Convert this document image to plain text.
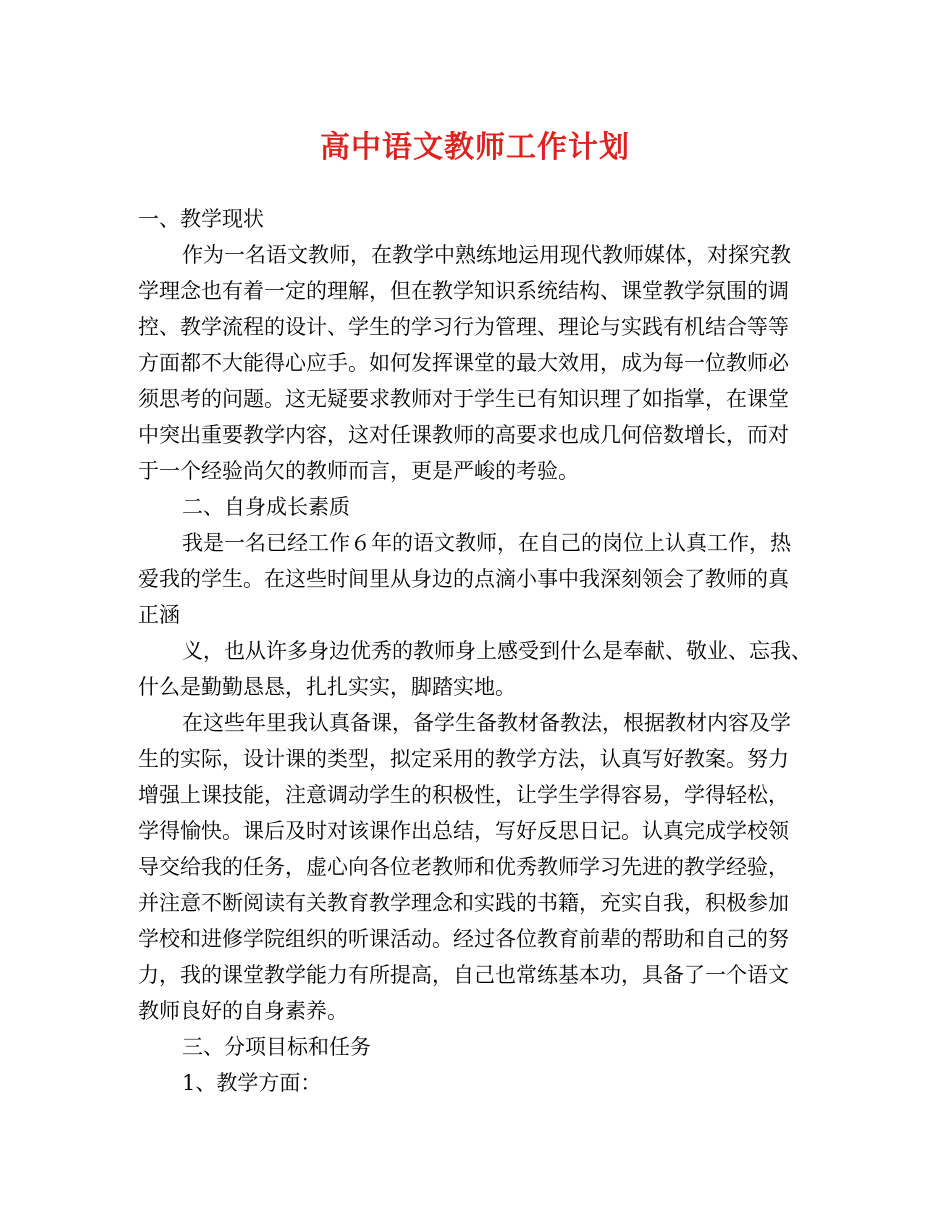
高中语文教师工作计划

一、教学现状

作为一名语文教师，在教学中熟练地运用现代教师媒体，对探究教

学理念也有着一定的理解，但在教学知识系统结构、课堂教学氛围的调

控、教学流程的设计、学生的学习行为管理、理论与实践有机结合等等

方面都不大能得心应手。如何发挥课堂的最大效用，成为每一位教师必

须思考的问题。这无疑要求教师对于学生已有知识理了如指掌，在课堂

中突出重要教学内容，这对任课教师的高要求也成几何倍数增长，而对

于一个经验尚欠的教师而言，更是严峻的考验。

二、自身成长素质

我是一名已经工作６年的语文教师，在自己的岗位上认真工作，热

爱我的学生。在这些时间里从身边的点滴小事中我深刻领会了教师的真

正涵

义，也从许多身边优秀的教师身上感受到什么是奉献、敬业、忘我、

什么是勤勤恳恳，扎扎实实，脚踏实地。

在这些年里我认真备课，备学生备教材备教法，根据教材内容及学

生的实际，设计课的类型，拟定采用的教学方法，认真写好教案。努力

增强上课技能，注意调动学生的积极性，让学生学得容易，学得轻松，

学得愉快。课后及时对该课作出总结，写好反思日记。认真完成学校领

导交给我的任务，虚心向各位老教师和优秀教师学习先进的教学经验，

并注意不断阅读有关教育教学理念和实践的书籍，充实自我，积极参加

学校和进修学院组织的听课活动。经过各位教育前辈的帮助和自己的努

力，我的课堂教学能力有所提高，自己也常练基本功，具备了一个语文

教师良好的自身素养。

三、分项目标和任务

1、教学方面：
